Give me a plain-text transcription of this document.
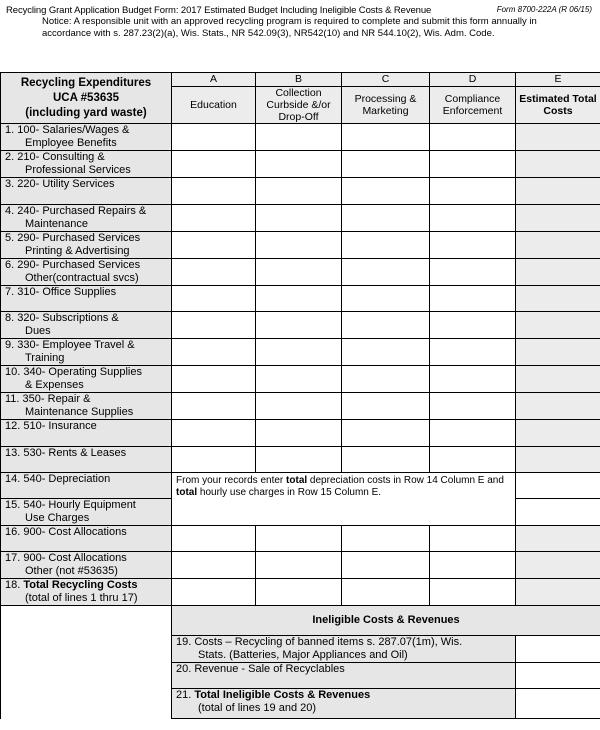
Recycling Grant Application Budget Form: 2017 Estimated Budget Including Ineligible Costs & Revenue	Form 8700-222A (R 06/15)
Notice: A responsible unit with an approved recycling program is required to complete and submit this form annually in accordance with s. 287.23(2)(a), Wis. Stats., NR 542.09(3), NR542(10) and NR 544.10(2), Wis. Adm. Code.
Recycling Expenditures
UCA #53635
(including yard waste)	A	B	C	D	E
	Education	Collection Curbside &/or Drop-Off	Processing & Marketing	Compliance Enforcement	Estimated Total Costs
1. 100- Salaries/Wages &
Employee Benefits					

2. 210- Consulting &
Professional Services					

3. 220- Utility Services

4. 240- Purchased Repairs &
Maintenance					

5. 290- Purchased Services
Printing & Advertising					

6. 290- Purchased Services
Other(contractual svcs)					

7. 310- Office Supplies

8. 320- Subscriptions &
Dues					

9. 330- Employee Travel &
Training					

10. 340- Operating Supplies
& Expenses					

11. 350- Repair &
Maintenance Supplies					

12. 510- Insurance

13. 530- Rents & Leases

14. 540- Depreciation	From your records enter total depreciation costs in Row 14 Column E and total hourly use charges in Row 15 Column E.				
15. 540- Hourly Equipment
Use Charges					

16. 900- Cost Allocations

17. 900- Cost Allocations
Other (not #53635)					

18. Total Recycling Costs
(total of lines 1 thru 17)					

	Ineligible Costs & Revenues				
	19. Costs – Recycling of banned items s. 287.07(1m), Wis.
Stats. (Batteries, Major Appliances and Oil)				

	20. Revenue - Sale of Recyclables			

	21. Total Ineligible Costs & Revenues
(total of lines 19 and 20)				
